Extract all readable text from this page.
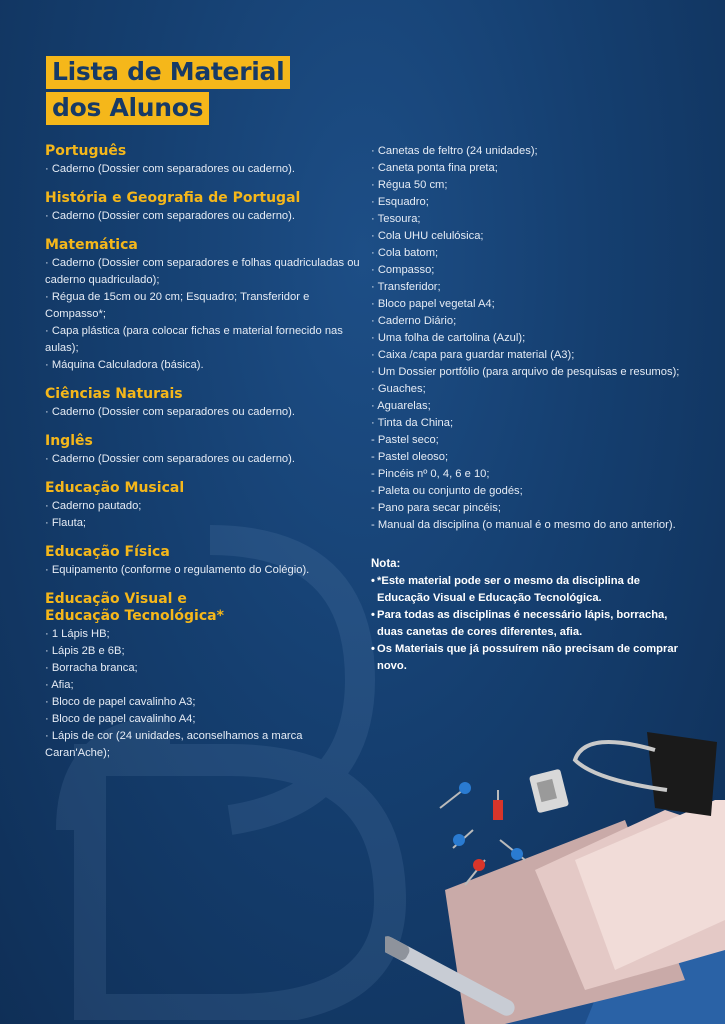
Lista de Material
dos Alunos
Português
· Caderno (Dossier com separadores ou caderno).
História e Geografia de Portugal
· Caderno (Dossier com separadores ou caderno).
Matemática
· Caderno (Dossier com separadores e folhas quadriculadas ou caderno quadriculado);
· Régua de 15cm ou 20 cm; Esquadro; Transferidor e Compasso*;
· Capa plástica (para colocar fichas e material fornecido nas aulas);
· Máquina Calculadora (básica).
Ciências Naturais
· Caderno (Dossier com separadores ou caderno).
Inglês
· Caderno (Dossier com separadores ou caderno).
Educação Musical
· Caderno pautado;
· Flauta;
Educação Física
· Equipamento (conforme o regulamento do Colégio).
Educação Visual e
Educação Tecnológica*
· 1 Lápis HB;
· Lápis 2B e 6B;
· Borracha branca;
· Afia;
· Bloco de papel cavalinho A3;
· Bloco de papel cavalinho A4;
· Lápis de cor (24 unidades, aconselhamos a marca Caran'Ache);
· Canetas de feltro (24 unidades);
· Caneta ponta fina preta;
· Régua 50 cm;
· Esquadro;
· Tesoura;
· Cola UHU celulósica;
· Cola batom;
· Compasso;
· Transferidor;
· Bloco papel vegetal A4;
· Caderno Diário;
· Uma folha de cartolina (Azul);
· Caixa /capa para guardar material (A3);
· Um Dossier portfólio (para arquivo de pesquisas e resumos);
· Guaches;
· Aguarelas;
· Tinta da China;
- Pastel seco;
- Pastel oleoso;
- Pincéis nº 0, 4, 6 e 10;
- Paleta ou conjunto de godés;
- Pano para secar pincéis;
- Manual da disciplina (o manual é o mesmo do ano anterior).
Nota:
• *Este material pode ser o mesmo da disciplina de Educação Visual e Educação Tecnológica.
• Para todas as disciplinas é necessário lápis, borracha, duas canetas de cores diferentes, afia.
• Os Materiais que já possuírem não precisam de comprar novo.
